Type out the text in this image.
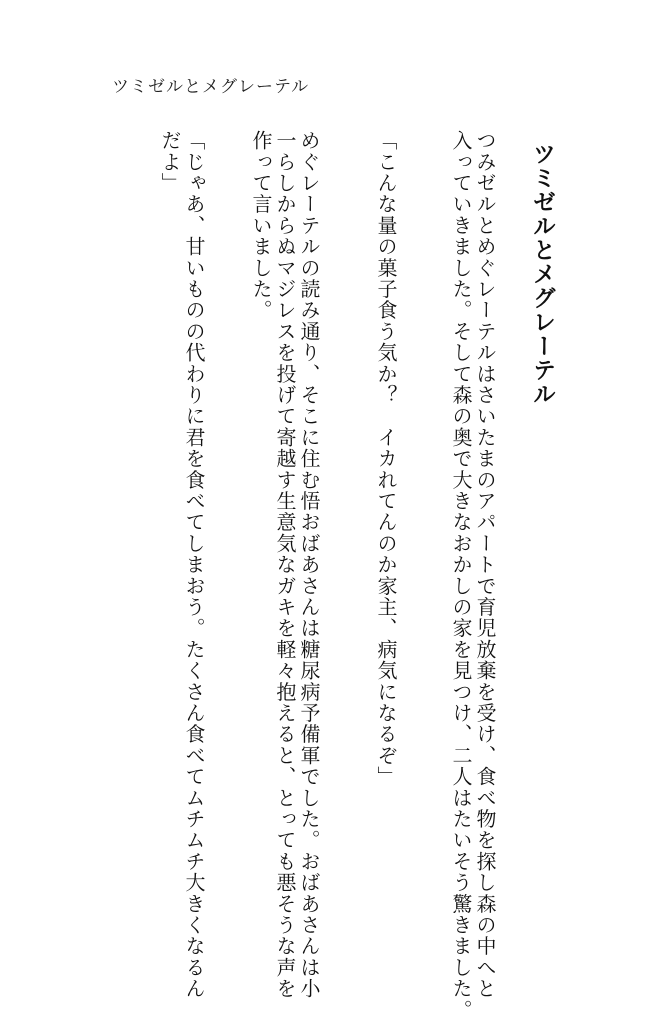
ツミゼルとメグレーテル
ツミゼルとメグレーテル
つみゼルとめぐレーテルはさいたまのアパートで育児放棄を受け、食べ物を探し森の中へと
入っていきました。そして森の奥で大きなおかしの家を見つけ、二人はたいそう驚きました。
「こんな量の菓子食う気か？　イカれてんのか家主、病気になるぞ」
めぐレーテルの読み通り、そこに住む悟おばあさんは糖尿病予備軍でした。おばあさんは小
一らしからぬマジレスを投げて寄越す生意気なガキを軽々抱えると、とっても悪そうな声を
作って言いました。
「じゃあ、甘いものの代わりに君を食べてしまおう。たくさん食べてムチムチ大きくなるん
だよ」
